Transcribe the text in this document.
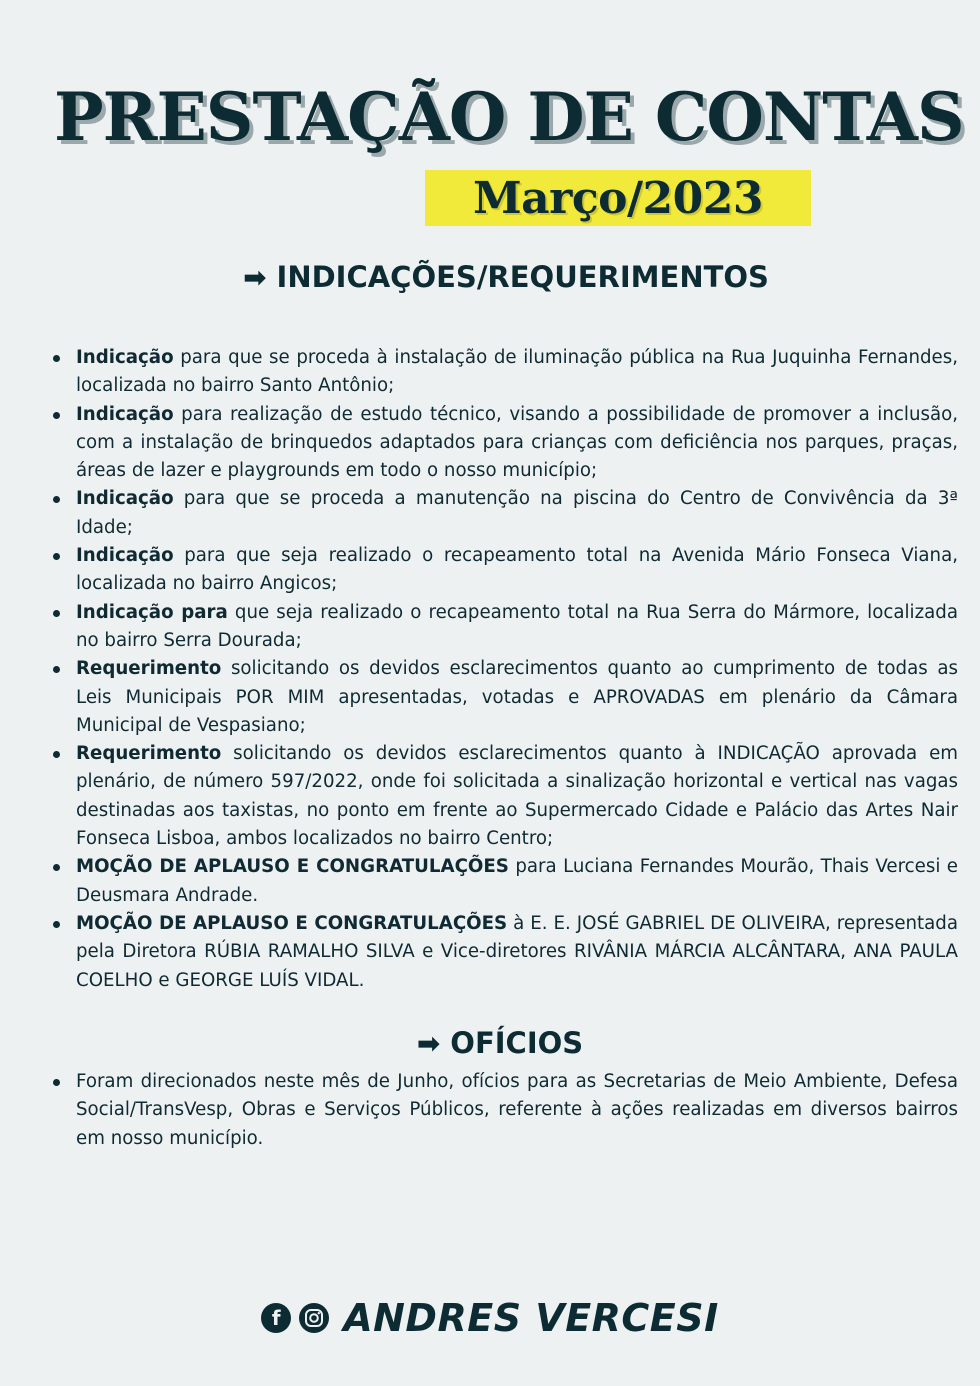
PRESTAÇÃO DE CONTAS
Março/2023
➡ INDICAÇÕES/REQUERIMENTOS
Indicação para que se proceda à instalação de iluminação pública na Rua Juquinha Fernandes, localizada no bairro Santo Antônio;
Indicação para realização de estudo técnico, visando a possibilidade de promover a inclusão, com a instalação de brinquedos adaptados para crianças com deficiência nos parques, praças, áreas de lazer e playgrounds em todo o nosso município;
Indicação para que se proceda a manutenção na piscina do Centro de Convivência da 3ª Idade;
Indicação para que seja realizado o recapeamento total na Avenida Mário Fonseca Viana, localizada no bairro Angicos;
Indicação para que seja realizado o recapeamento total na Rua Serra do Mármore, localizada no bairro Serra Dourada;
Requerimento solicitando os devidos esclarecimentos quanto ao cumprimento de todas as Leis Municipais POR MIM apresentadas, votadas e APROVADAS em plenário da Câmara Municipal de Vespasiano;
Requerimento solicitando os devidos esclarecimentos quanto à INDICAÇÃO aprovada em plenário, de número 597/2022, onde foi solicitada a sinalização horizontal e vertical nas vagas destinadas aos taxistas, no ponto em frente ao Supermercado Cidade e Palácio das Artes Nair Fonseca Lisboa, ambos localizados no bairro Centro;
MOÇÃO DE APLAUSO E CONGRATULAÇÕES para Luciana Fernandes Mourão, Thais Vercesi e Deusmara Andrade.
MOÇÃO DE APLAUSO E CONGRATULAÇÕES à E. E. JOSÉ GABRIEL DE OLIVEIRA, representada pela Diretora RÚBIA RAMALHO SILVA e Vice-diretores RIVÂNIA MÁRCIA ALCÂNTARA, ANA PAULA COELHO e GEORGE LUÍS VIDAL.
➡ OFÍCIOS
Foram direcionados neste mês de Junho, ofícios para as Secretarias de Meio Ambiente, Defesa Social/TransVesp, Obras e Serviços Públicos, referente à ações realizadas em diversos bairros em nosso município.
f ANDRES VERCESI
